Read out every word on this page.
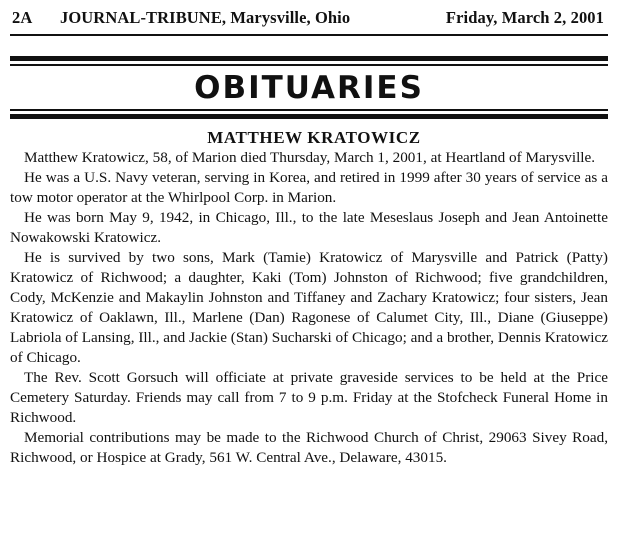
2A JOURNAL-TRIBUNE, Marysville, Ohio	Friday, March 2, 2001
OBITUARIES
MATTHEW KRATOWICZ

Matthew Kratowicz, 58, of Marion died Thursday, March 1, 2001, at Heartland of Marysville.

He was a U.S. Navy veteran, serving in Korea, and retired in 1999 after 30 years of service as a tow motor operator at the Whirlpool Corp. in Marion.

He was born May 9, 1942, in Chicago, Ill., to the late Meseslaus Joseph and Jean Antoinette Nowakowski Kratowicz.

He is survived by two sons, Mark (Tamie) Kratowicz of Marysville and Patrick (Patty) Kratowicz of Richwood; a daughter, Kaki (Tom) Johnston of Richwood; five grandchildren, Cody, McKenzie and Makaylin Johnston and Tiffaney and Zachary Kratowicz; four sisters, Jean Kratowicz of Oaklawn, Ill., Marlene (Dan) Ragonese of Calumet City, Ill., Diane (Giuseppe) Labriola of Lansing, Ill., and Jackie (Stan) Sucharski of Chicago; and a brother, Dennis Kratowicz of Chicago.

The Rev. Scott Gorsuch will officiate at private graveside services to be held at the Price Cemetery Saturday. Friends may call from 7 to 9 p.m. Friday at the Stofcheck Funeral Home in Richwood.

Memorial contributions may be made to the Richwood Church of Christ, 29063 Sivey Road, Richwood, or Hospice at Grady, 561 W. Central Ave., Delaware, 43015.
